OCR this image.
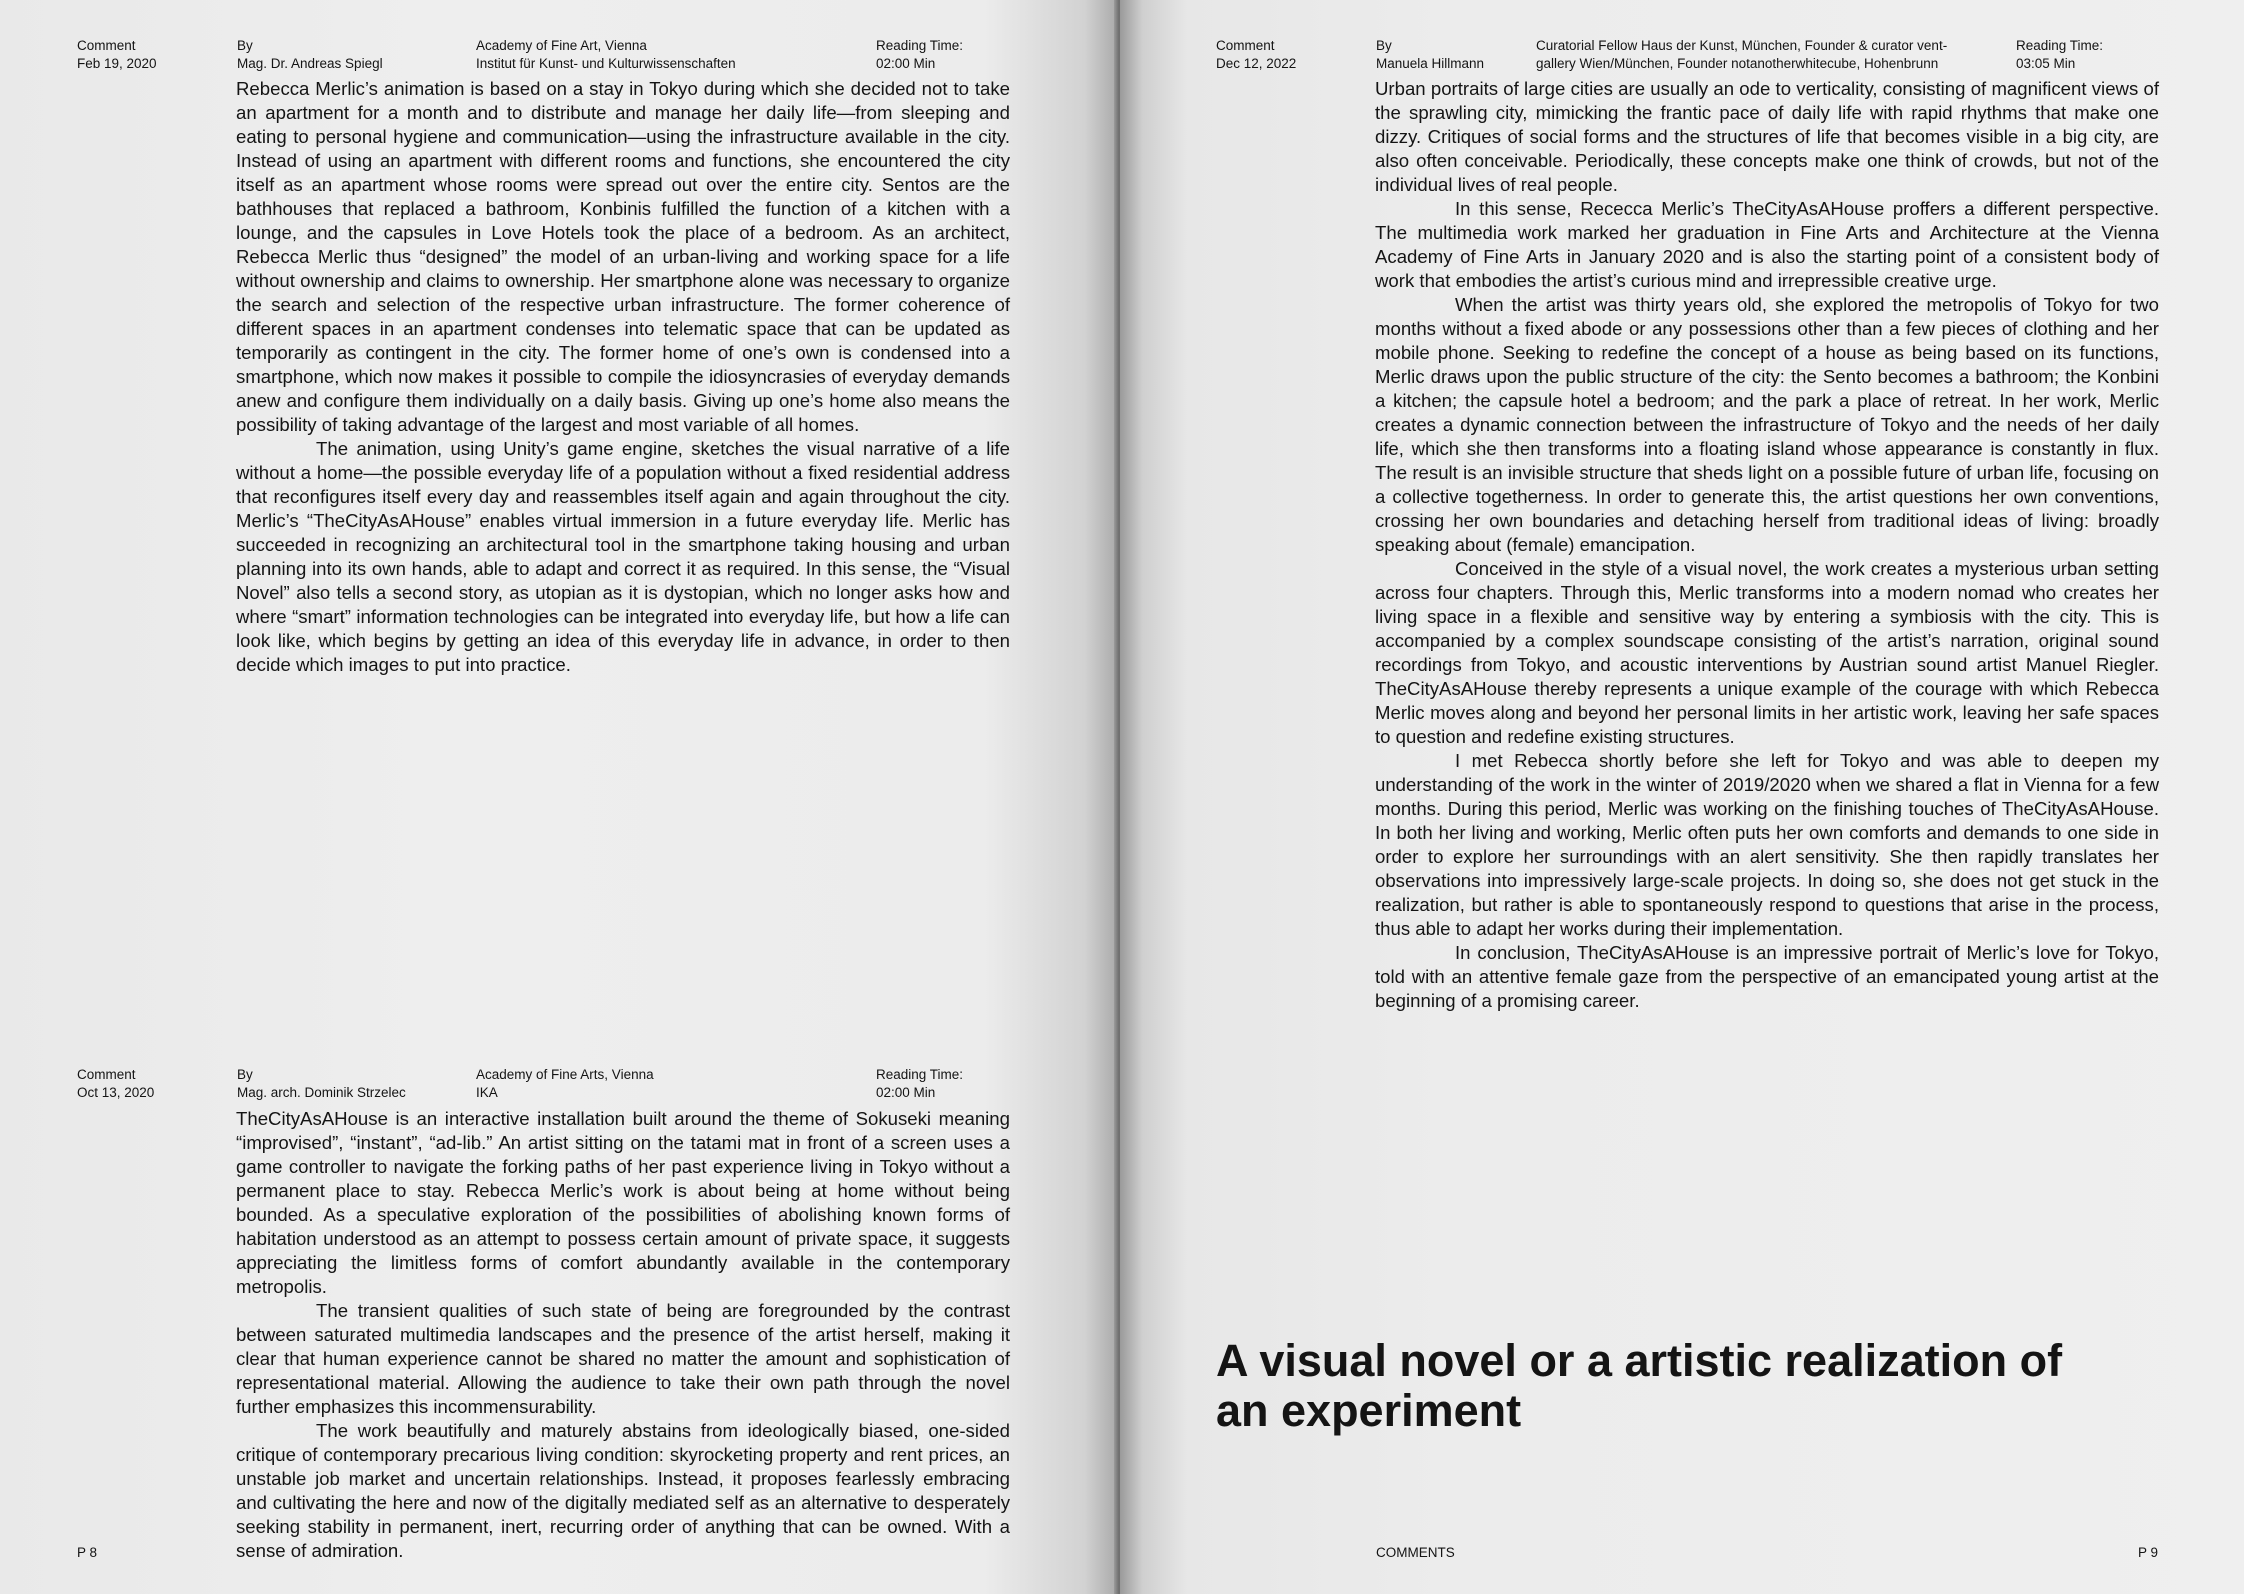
Comment
Feb 19, 2020
By
Mag. Dr. Andreas Spiegl
Academy of Fine Art, Vienna
Institut für Kunst- und Kulturwissenschaften
Reading Time:
02:00 Min

Rebecca Merlic’s animation is based on a stay in Tokyo during which she decided not to take an apartment for a month and to distribute and manage her daily life—from sleeping and eating to personal hygiene and communication—using the infrastructure available in the city. Instead of using an apartment with different rooms and functions, she encountered the city itself as an apartment whose rooms were spread out over the entire city. Sentos are the bathhouses that replaced a bathroom, Konbinis fulfilled the function of a kitchen with a lounge, and the capsules in Love Hotels took the place of a bedroom. As an architect, Rebecca Merlic thus “designed” the model of an urban-living and working space for a life without ownership and claims to ownership. Her smartphone alone was necessary to organize the search and selection of the respective urban infrastructure. The former coherence of different spaces in an apartment condenses into telematic space that can be updated as temporarily as contingent in the city. The former home of one’s own is condensed into a smartphone, which now makes it possible to compile the idiosyncrasies of everyday demands anew and configure them individually on a daily basis. Giving up one’s home also means the possibility of taking advantage of the largest and most variable of all homes.

The animation, using Unity’s game engine, sketches the visual narrative of a life without a home—the possible everyday life of a population without a fixed residential address that reconfigures itself every day and reassembles itself again and again throughout the city. Merlic’s “TheCityAsAHouse” enables virtual immersion in a future everyday life. Merlic has succeeded in recognizing an architectural tool in the smartphone taking housing and urban planning into its own hands, able to adapt and correct it as required. In this sense, the “Visual Novel” also tells a second story, as utopian as it is dystopian, which no longer asks how and where “smart” information technologies can be integrated into everyday life, but how a life can look like, which begins by getting an idea of this everyday life in advance, in order to then decide which images to put into practice.

Comment
Oct 13, 2020
By
Mag. arch. Dominik Strzelec
Academy of Fine Arts, Vienna
IKA
Reading Time:
02:00 Min

TheCityAsAHouse is an interactive installation built around the theme of Sokuseki meaning “improvised”, “instant”, “ad-lib.” An artist sitting on the tatami mat in front of a screen uses a game controller to navigate the forking paths of her past experience living in Tokyo without a permanent place to stay. Rebecca Merlic’s work is about being at home without being bounded. As a speculative exploration of the possibilities of abolishing known forms of habitation understood as an attempt to possess certain amount of private space, it suggests appreciating the limitless forms of comfort abundantly available in the contemporary metropolis.

The transient qualities of such state of being are foregrounded by the contrast between saturated multimedia landscapes and the presence of the artist herself, making it clear that human experience cannot be shared no matter the amount and sophistication of representational material. Allowing the audience to take their own path through the novel further emphasizes this incommensurability.

The work beautifully and maturely abstains from ideologically biased, one-sided critique of contemporary precarious living condition: skyrocketing property and rent prices, an unstable job market and uncertain relationships. Instead, it proposes fearlessly embracing and cultivating the here and now of the digitally mediated self as an alternative to desperately seeking stability in permanent, inert, recurring order of anything that can be owned. With a sense of admiration.

P 8
Comment
Dec 12, 2022
By
Manuela Hillmann
Curatorial Fellow Haus der Kunst, München, Founder & curator vent-
gallery Wien/München, Founder notanotherwhitecube, Hohenbrunn
Reading Time:
03:05 Min

Urban portraits of large cities are usually an ode to verticality, consisting of magnificent views of the sprawling city, mimicking the frantic pace of daily life with rapid rhythms that make one dizzy. Critiques of social forms and the structures of life that becomes visible in a big city, are also often conceivable. Periodically, these concepts make one think of crowds, but not of the individual lives of real people.

In this sense, Rececca Merlic’s TheCityAsAHouse proffers a different perspective. The multimedia work marked her graduation in Fine Arts and Architecture at the Vienna Academy of Fine Arts in January 2020 and is also the starting point of a consistent body of work that embodies the artist’s curious mind and irrepressible creative urge.

When the artist was thirty years old, she explored the metropolis of Tokyo for two months without a fixed abode or any possessions other than a few pieces of clothing and her mobile phone. Seeking to redefine the concept of a house as being based on its functions, Merlic draws upon the public structure of the city: the Sento becomes a bathroom; the Konbini a kitchen; the capsule hotel a bedroom; and the park a place of retreat. In her work, Merlic creates a dynamic connection between the infrastructure of Tokyo and the needs of her daily life, which she then transforms into a floating island whose appearance is constantly in flux. The result is an invisible structure that sheds light on a possible future of urban life, focusing on a collective togetherness. In order to generate this, the artist questions her own conventions, crossing her own boundaries and detaching herself from traditional ideas of living: broadly speaking about (female) emancipation.

Conceived in the style of a visual novel, the work creates a mysterious urban setting across four chapters. Through this, Merlic transforms into a modern nomad who creates her living space in a flexible and sensitive way by entering a symbiosis with the city. This is accompanied by a complex soundscape consisting of the artist’s narration, original sound recordings from Tokyo, and acoustic interventions by Austrian sound artist Manuel Riegler. TheCityAsAHouse thereby represents a unique example of the courage with which Rebecca Merlic moves along and beyond her personal limits in her artistic work, leaving her safe spaces to question and redefine existing structures.

I met Rebecca shortly before she left for Tokyo and was able to deepen my understanding of the work in the winter of 2019/2020 when we shared a flat in Vienna for a few months. During this period, Merlic was working on the finishing touches of TheCityAsAHouse. In both her living and working, Merlic often puts her own comforts and demands to one side in order to explore her surroundings with an alert sensitivity. She then rapidly translates her observations into impressively large-scale projects. In doing so, she does not get stuck in the realization, but rather is able to spontaneously respond to questions that arise in the process, thus able to adapt her works during their implementation.

In conclusion, TheCityAsAHouse is an impressive portrait of Merlic’s love for Tokyo, told with an attentive female gaze from the perspective of an emancipated young artist at the beginning of a promising career.

A visual novel or a artistic realization of an experiment
COMMENTS	P 9
